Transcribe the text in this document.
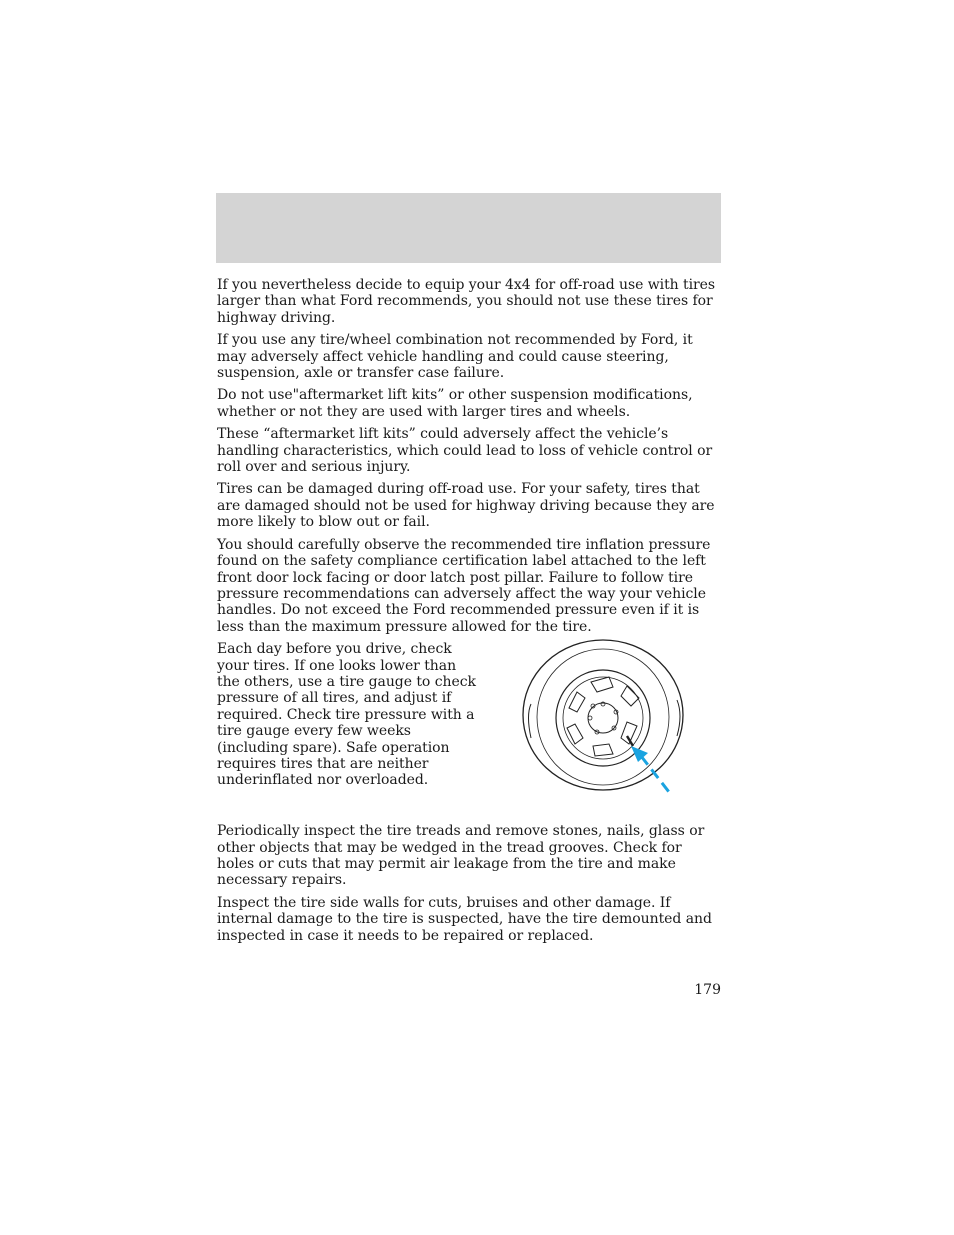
If you nevertheless decide to equip your 4x4 for off-road use with tires larger than what Ford recommends, you should not use these tires for highway driving.

If you use any tire/wheel combination not recommended by Ford, it may adversely affect vehicle handling and could cause steering, suspension, axle or transfer case failure.

Do not use"aftermarket lift kits” or other suspension modifications, whether or not they are used with larger tires and wheels.

These “aftermarket lift kits” could adversely affect the vehicle’s handling characteristics, which could lead to loss of vehicle control or roll over and serious injury.

Tires can be damaged during off-road use. For your safety, tires that are damaged should not be used for highway driving because they are more likely to blow out or fail.

You should carefully observe the recommended tire inflation pressure found on the safety compliance certification label attached to the left front door lock facing or door latch post pillar. Failure to follow tire pressure recommendations can adversely affect the way your vehicle handles. Do not exceed the Ford recommended pressure even if it is less than the maximum pressure allowed for the tire.

Each day before you drive, check your tires. If one looks lower than the others, use a tire gauge to check pressure of all tires, and adjust if required. Check tire pressure with a tire gauge every few weeks (including spare). Safe operation requires tires that are neither underinflated nor overloaded.

Periodically inspect the tire treads and remove stones, nails, glass or other objects that may be wedged in the tread grooves. Check for holes or cuts that may permit air leakage from the tire and make necessary repairs.

Inspect the tire side walls for cuts, bruises and other damage. If internal damage to the tire is suspected, have the tire demounted and inspected in case it needs to be repaired or replaced.

179
